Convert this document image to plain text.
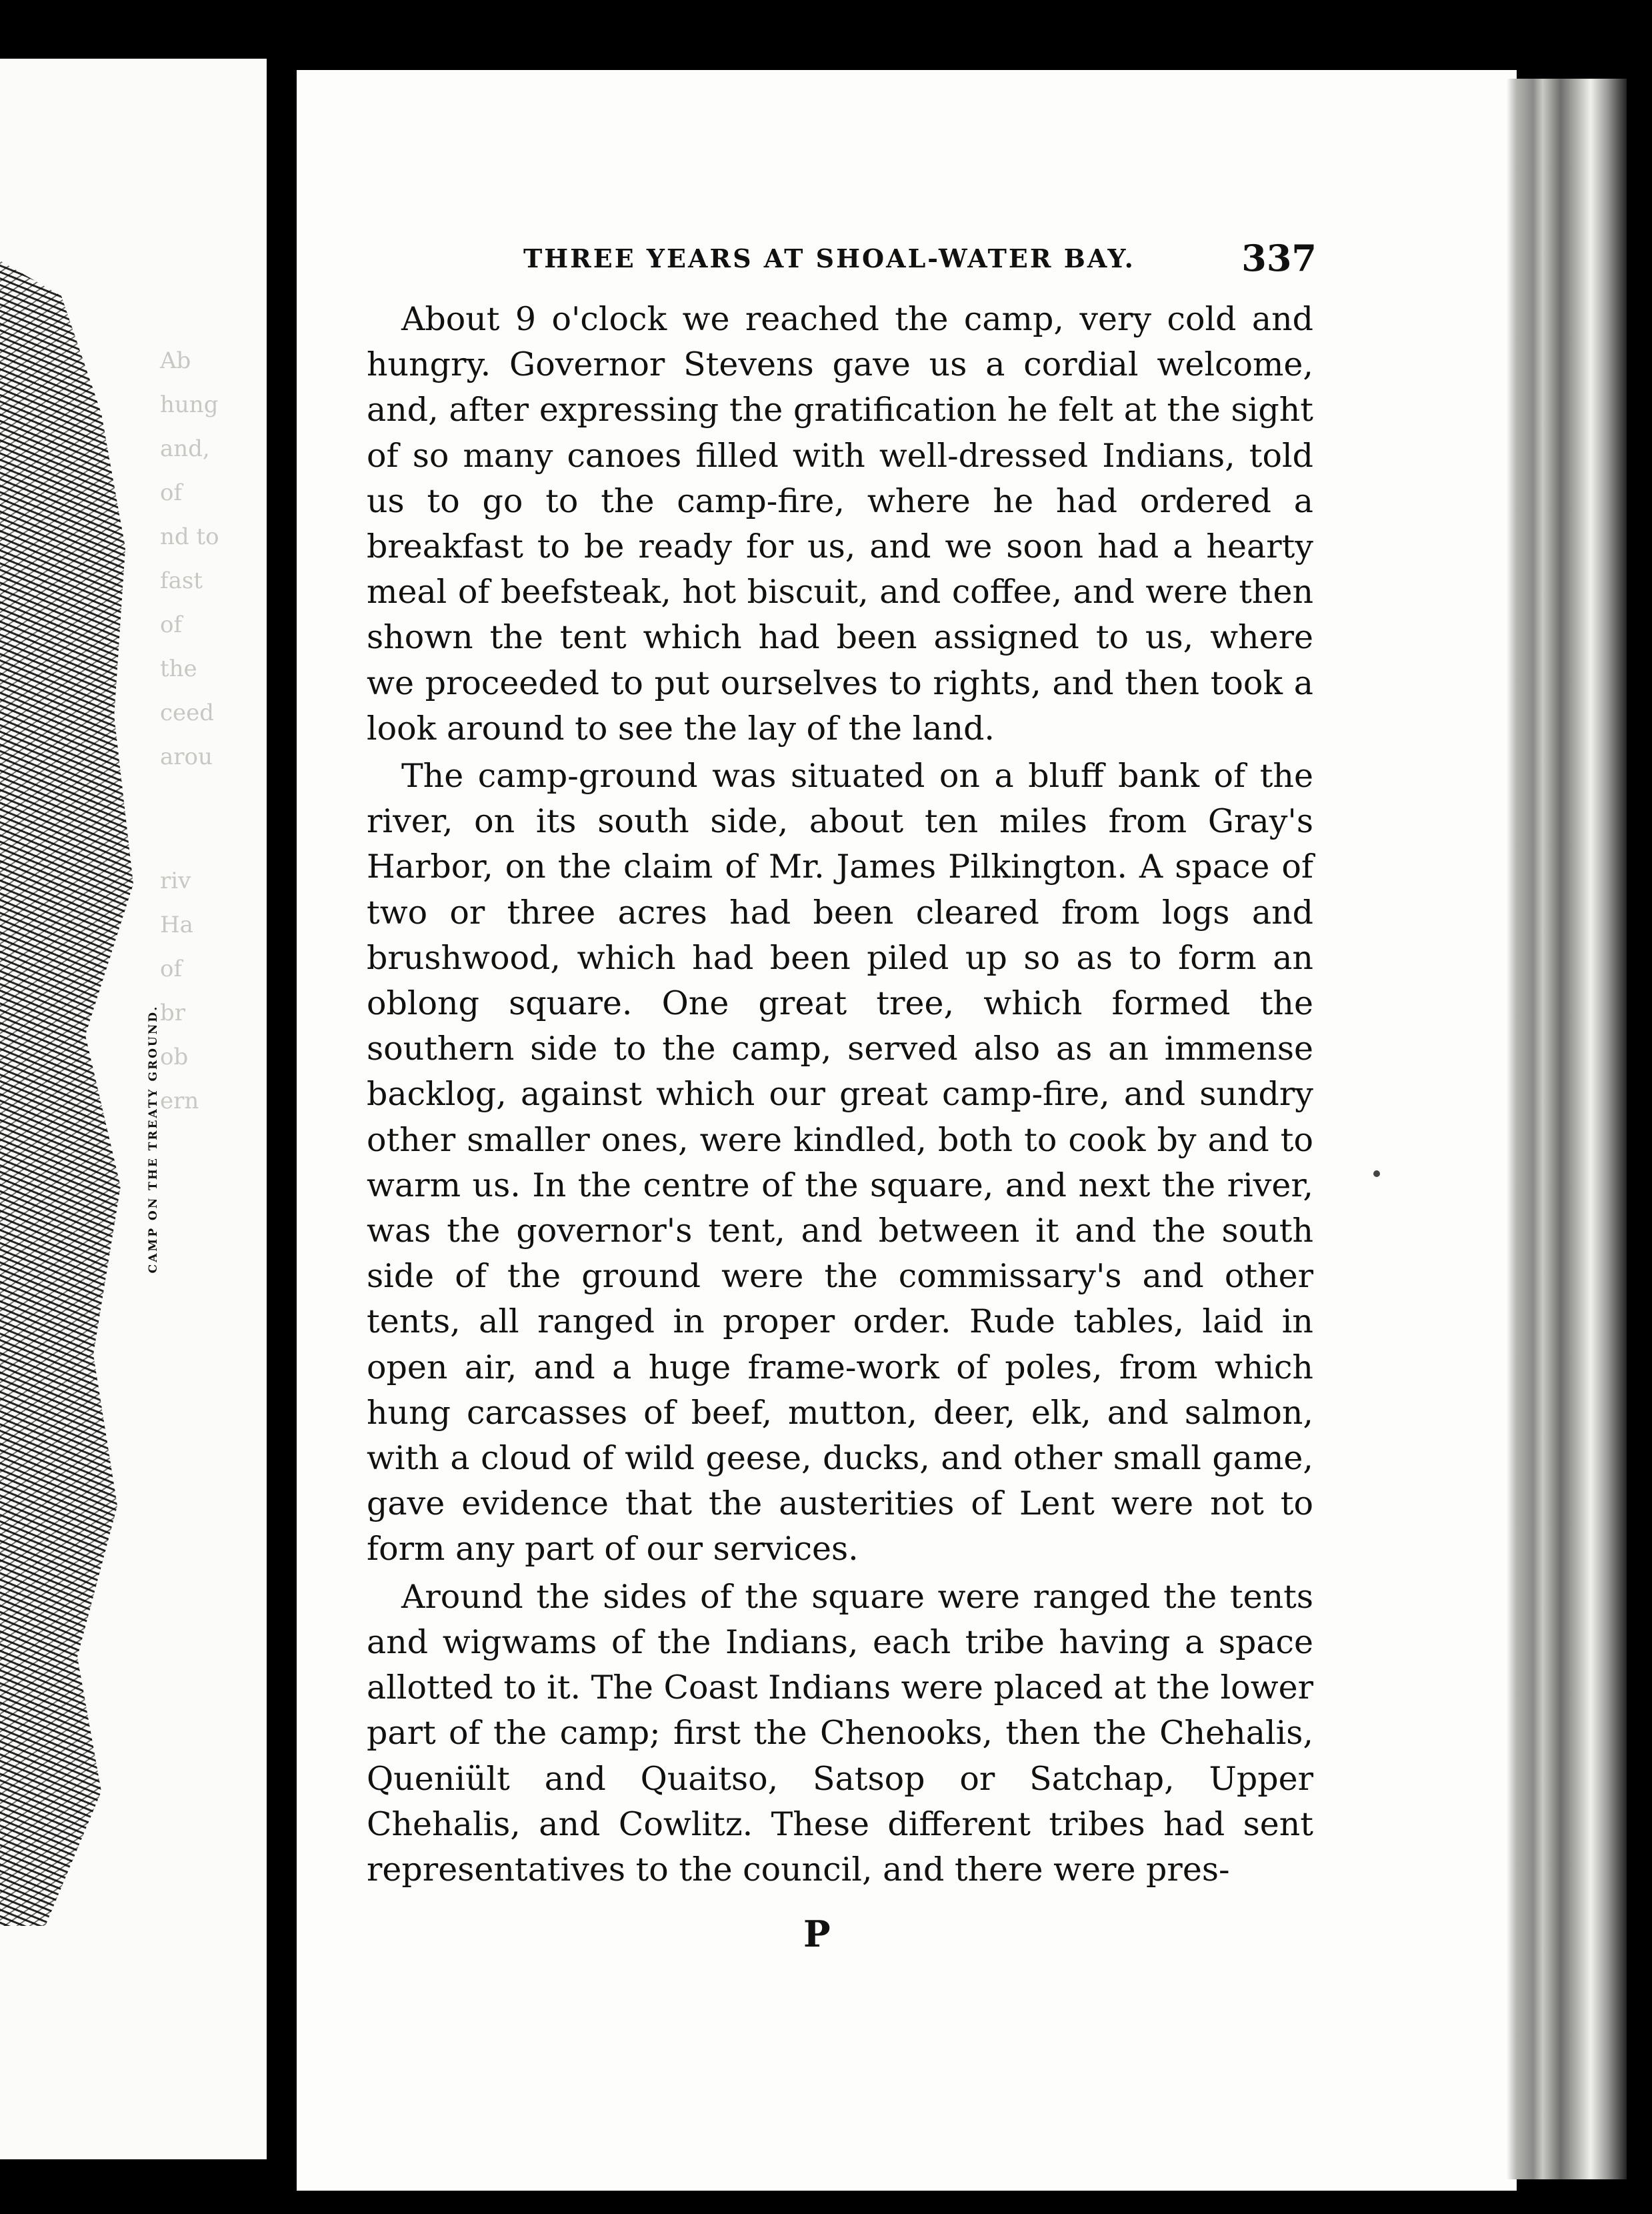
Ab
hung
and,
of
nd to
fast
of
the
ceed
arou
riv
Ha
of
br
ob
ern
CAMP ON THE TREATY GROUND.
THREE YEARS AT SHOAL-WATER BAY.	337

About 9 o'clock we reached the camp, very cold and hungry. Governor Stevens gave us a cordial welcome, and, after expressing the gratification he felt at the sight of so many canoes filled with well-dressed Indians, told us to go to the camp-fire, where he had ordered a breakfast to be ready for us, and we soon had a hearty meal of beefsteak, hot biscuit, and coffee, and were then shown the tent which had been assigned to us, where we proceeded to put ourselves to rights, and then took a look around to see the lay of the land.

The camp-ground was situated on a bluff bank of the river, on its south side, about ten miles from Gray's Harbor, on the claim of Mr. James Pilkington. A space of two or three acres had been cleared from logs and brushwood, which had been piled up so as to form an oblong square. One great tree, which formed the southern side to the camp, served also as an immense backlog, against which our great camp-fire, and sundry other smaller ones, were kindled, both to cook by and to warm us. In the centre of the square, and next the river, was the governor's tent, and between it and the south side of the ground were the commissary's and other tents, all ranged in proper order. Rude tables, laid in open air, and a huge frame-work of poles, from which hung carcasses of beef, mutton, deer, elk, and salmon, with a cloud of wild geese, ducks, and other small game, gave evidence that the austerities of Lent were not to form any part of our services.

Around the sides of the square were ranged the tents and wigwams of the Indians, each tribe having a space allotted to it. The Coast Indians were placed at the lower part of the camp; first the Chenooks, then the Chehalis, Queniült and Quaitso, Satsop or Satchap, Upper Chehalis, and Cowlitz. These different tribes had sent representatives to the council, and there were pres-

P
